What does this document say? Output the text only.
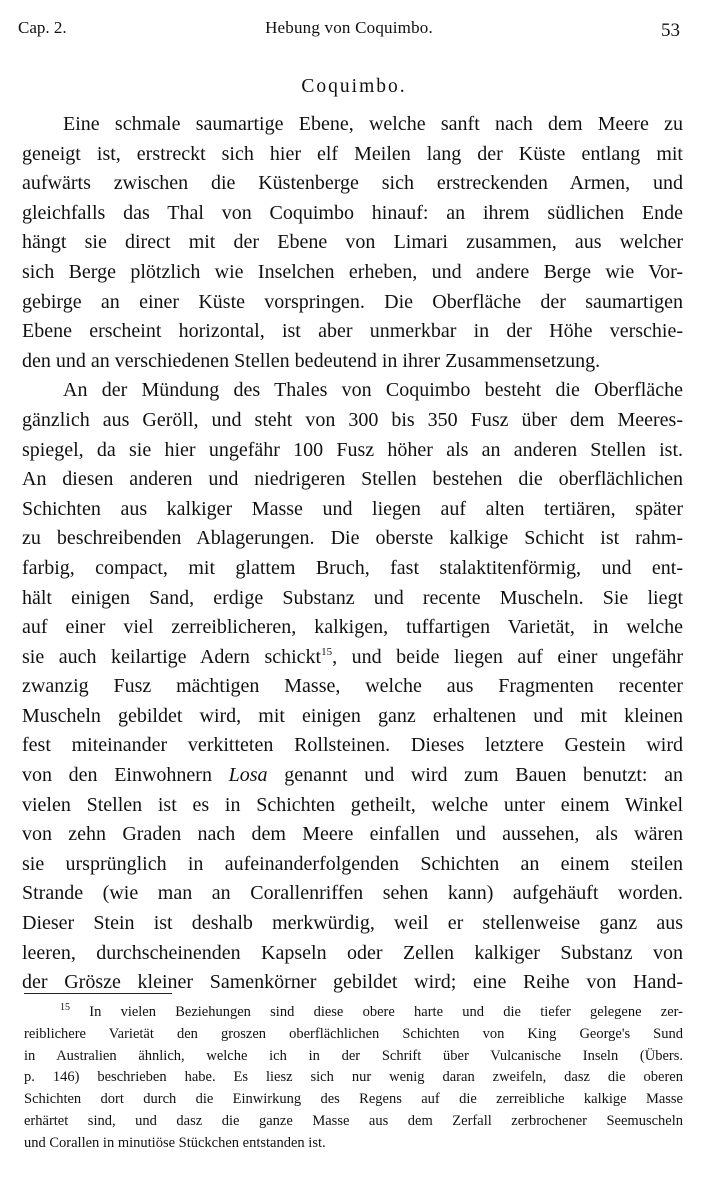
Cap. 2.	Hebung von Coquimbo.	53
Coquimbo.
Eine schmale saumartige Ebene, welche sanft nach dem Meere zu
geneigt ist, erstreckt sich hier elf Meilen lang der Küste entlang mit
aufwärts zwischen die Küstenberge sich erstreckenden Armen, und
gleichfalls das Thal von Coquimbo hinauf: an ihrem südlichen Ende
hängt sie direct mit der Ebene von Limari zusammen, aus welcher
sich Berge plötzlich wie Inselchen erheben, und andere Berge wie Vor-
gebirge an einer Küste vorspringen. Die Oberfläche der saumartigen
Ebene erscheint horizontal, ist aber unmerkbar in der Höhe verschie-
den und an verschiedenen Stellen bedeutend in ihrer Zusammensetzung.
An der Mündung des Thales von Coquimbo besteht die Oberfläche
gänzlich aus Geröll, und steht von 300 bis 350 Fusz über dem Meeres-
spiegel, da sie hier ungefähr 100 Fusz höher als an anderen Stellen ist.
An diesen anderen und niedrigeren Stellen bestehen die oberflächlichen
Schichten aus kalkiger Masse und liegen auf alten tertiären, später
zu beschreibenden Ablagerungen. Die oberste kalkige Schicht ist rahm-
farbig, compact, mit glattem Bruch, fast stalaktitenförmig, und ent-
hält einigen Sand, erdige Substanz und recente Muscheln. Sie liegt
auf einer viel zerreiblicheren, kalkigen, tuffartigen Varietät, in welche
sie auch keilartige Adern schickt$^{15}$, und beide liegen auf einer ungefähr
zwanzig Fusz mächtigen Masse, welche aus Fragmenten recenter
Muscheln gebildet wird, mit einigen ganz erhaltenen und mit kleinen
fest miteinander verkitteten Rollsteinen. Dieses letztere Gestein wird
von den Einwohnern Losa genannt und wird zum Bauen benutzt: an
vielen Stellen ist es in Schichten getheilt, welche unter einem Winkel
von zehn Graden nach dem Meere einfallen und aussehen, als wären
sie ursprünglich in aufeinanderfolgenden Schichten an einem steilen
Strande (wie man an Corallenriffen sehen kann) aufgehäuft worden.
Dieser Stein ist deshalb merkwürdig, weil er stellenweise ganz aus
leeren, durchscheinenden Kapseln oder Zellen kalkiger Substanz von
der Grösze kleiner Samenkörner gebildet wird; eine Reihe von Hand-
$^{15}$ In vielen Beziehungen sind diese obere harte und die tiefer gelegene zer-
reiblichere Varietät den groszen oberflächlichen Schichten von King George's Sund
in Australien ähnlich, welche ich in der Schrift über Vulcanische Inseln (Übers.
p. 146) beschrieben habe. Es liesz sich nur wenig daran zweifeln, dasz die oberen
Schichten dort durch die Einwirkung des Regens auf die zerreibliche kalkige Masse
erhärtet sind, und dasz die ganze Masse aus dem Zerfall zerbrochener Seemuscheln
und Corallen in minutiöse Stückchen entstanden ist.
